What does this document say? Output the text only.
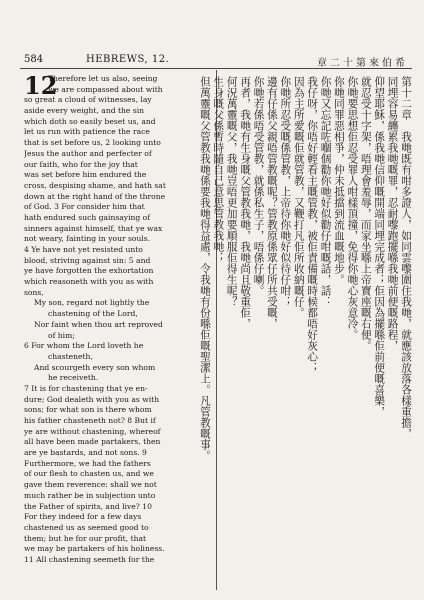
584	HEBREWS, 12.	章二十第來伯希
12
Therefore let us also, seeing
we are compassed about with
so great a cloud of witnesses, lay
aside every weight, and the sin
which doth so easily beset us, and
let us run with patience the race
that is set before us, 2 looking unto
Jesus the author and perfecter of
our faith, who for the joy that
was set before him endured the
cross, despising shame, and hath sat
down at the right hand of the throne
of God. 3 For consider him that
hath endured such gainsaying of
sinners against himself, that ye wax
not weary, fainting in your souls.
4 Ye have not yet resisted unto
blood, striving against sin: 5 and
ye have forgotten the exhortation
which reasoneth with you as with
sons,
My son, regard not lightly the
chastening of the Lord,
Nor faint when thou art reproved
of him;
6 For whom the Lord loveth he
chasteneth,
And scourgeth every son whom
he receiveth.
7 It is for chastening that ye en-
dure; God dealeth with you as with
sons; for what son is there whom
his father chasteneth not? 8 But if
ye are without chastening, whereof
all have been made partakers, then
are ye bastards, and not sons. 9
Furthermore, we had the fathers
of our flesh to chasten us, and we
gave them reverence: shall we not
much rather be in subjection unto
the Father of spirits, and live? 10
For they indeed for a few days
chastened us as seemed good to
them; but he for our profit, that
we may be partakers of his holiness.
11 All chastening seemeth for the
第十二章　我哋既有咁多證人，如同雲嚟圍住我哋，就應該放落各樣重擔，
同埋容易纏累我哋嘅罪，忍耐嚟跑擺喺我哋前便嘅路程，
仰望耶穌，係我哋信仰嘅開端同埋完成者；佢因為擺喺佢前便嘅喜樂，
就忍受十字架，唔理會羞辱，而家坐喺上帝寶座嘅右便。
你哋要思想佢忍受罪人咁樣頂撞，免得你哋心灰意冷。
你哋同罪惡相爭，仲未抵擋到流血嘅地步。
你哋又忘記咗嗰個勸你哋好似勸仔咁嘅話，話：
我仔呀，你唔好輕看主嘅管教，被佢責備嘅時候都唔好灰心；
因為主所愛嘅佢就管教，又鞭打凡佢所收納嘅仔。
你哋所忍受嘅係管教，上帝待你哋好似待仔咁；
邊有仔係父親唔管教嘅呢？管教原係眾仔所共受嘅，
你哋若係唔受管教，就係私生子，唔係仔喇。
再者，我哋有生身嘅父管教我哋，我哋尚且敬重佢，
何況萬靈嘅父，我哋豈唔更加要順服佢得生呢？
生身嘅父係暫時隨自己意思管教我哋；
但萬靈嘅父管教我哋係要我哋得益處，令我哋有份喺佢嘅聖潔上。凡管教嘅事。
